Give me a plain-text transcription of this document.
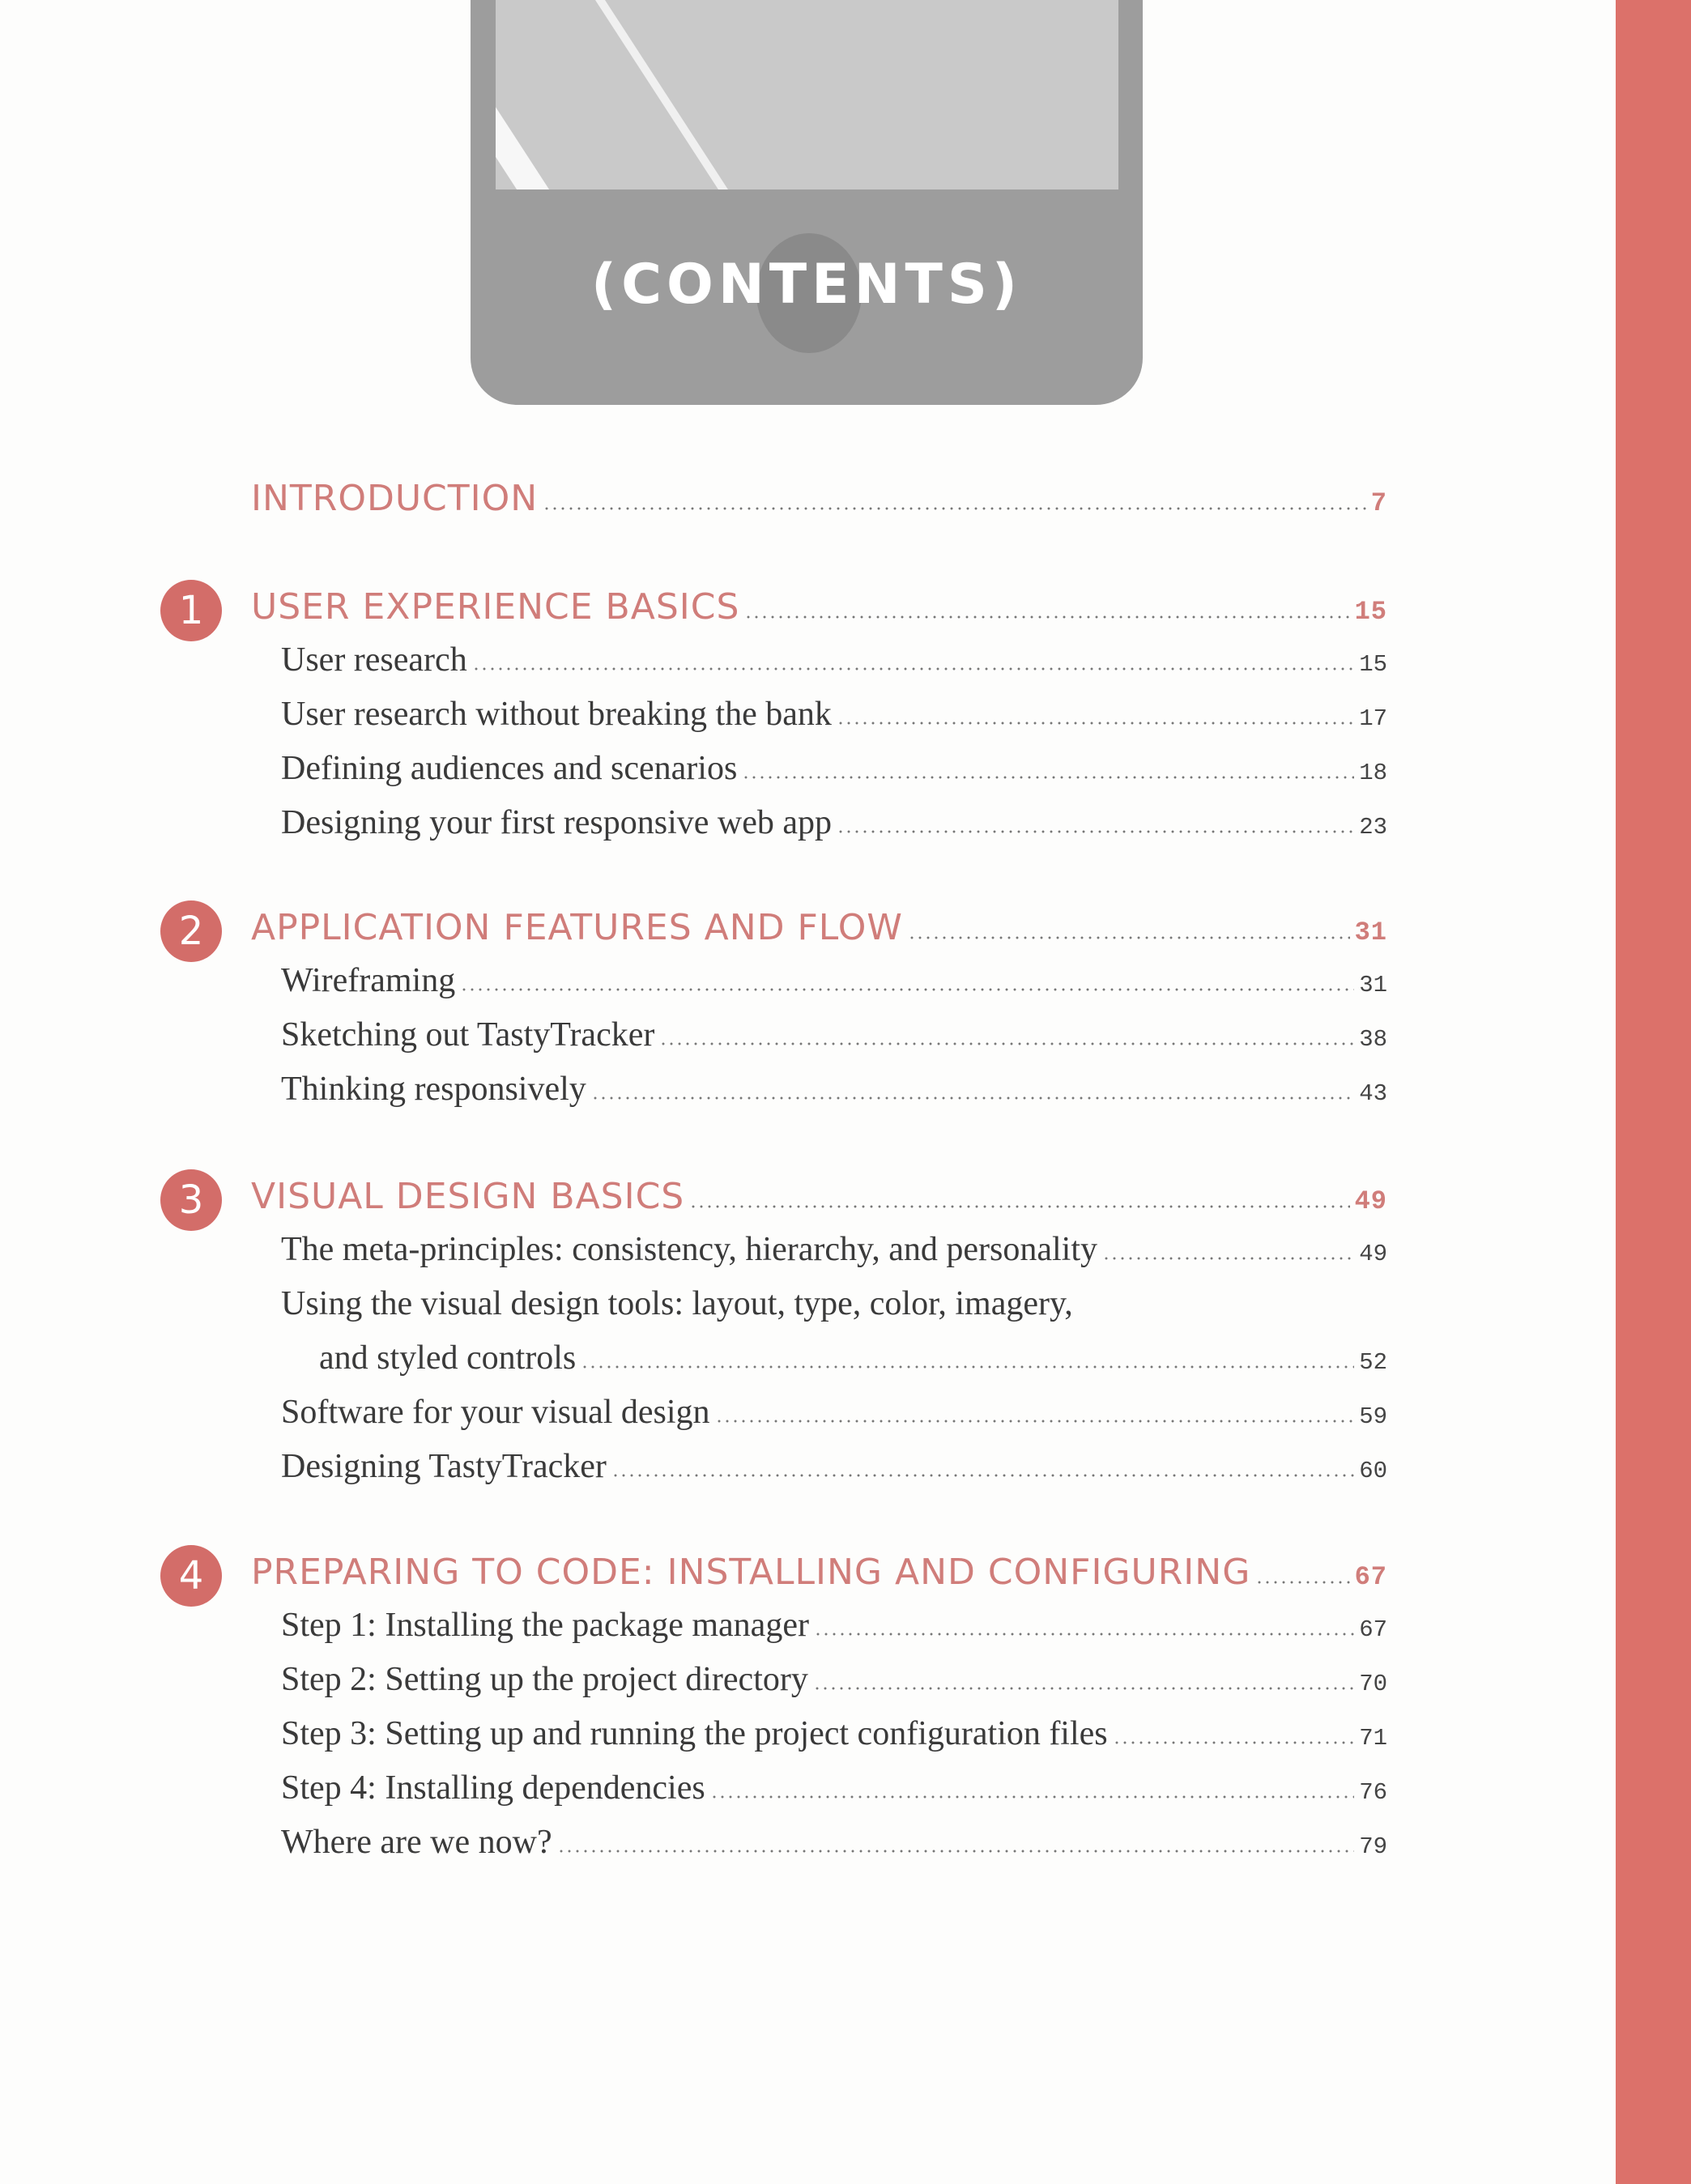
(CONTENTS)
INTRODUCTION	7
1	USER EXPERIENCE BASICS	15
User research	15
User research without breaking the bank	17
Defining audiences and scenarios	18
Designing your first responsive web app	23
2	APPLICATION FEATURES AND FLOW	31
Wireframing	31
Sketching out TastyTracker	38
Thinking responsively	43
3	VISUAL DESIGN BASICS	49
The meta-principles: consistency, hierarchy, and personality	49
Using the visual design tools: layout, type, color, imagery,
and styled controls	52
Software for your visual design	59
Designing TastyTracker	60
4	PREPARING TO CODE: INSTALLING AND CONFIGURING	67
Step 1: Installing the package manager	67
Step 2: Setting up the project directory	70
Step 3: Setting up and running the project configuration files	71
Step 4: Installing dependencies	76
Where are we now?	79
